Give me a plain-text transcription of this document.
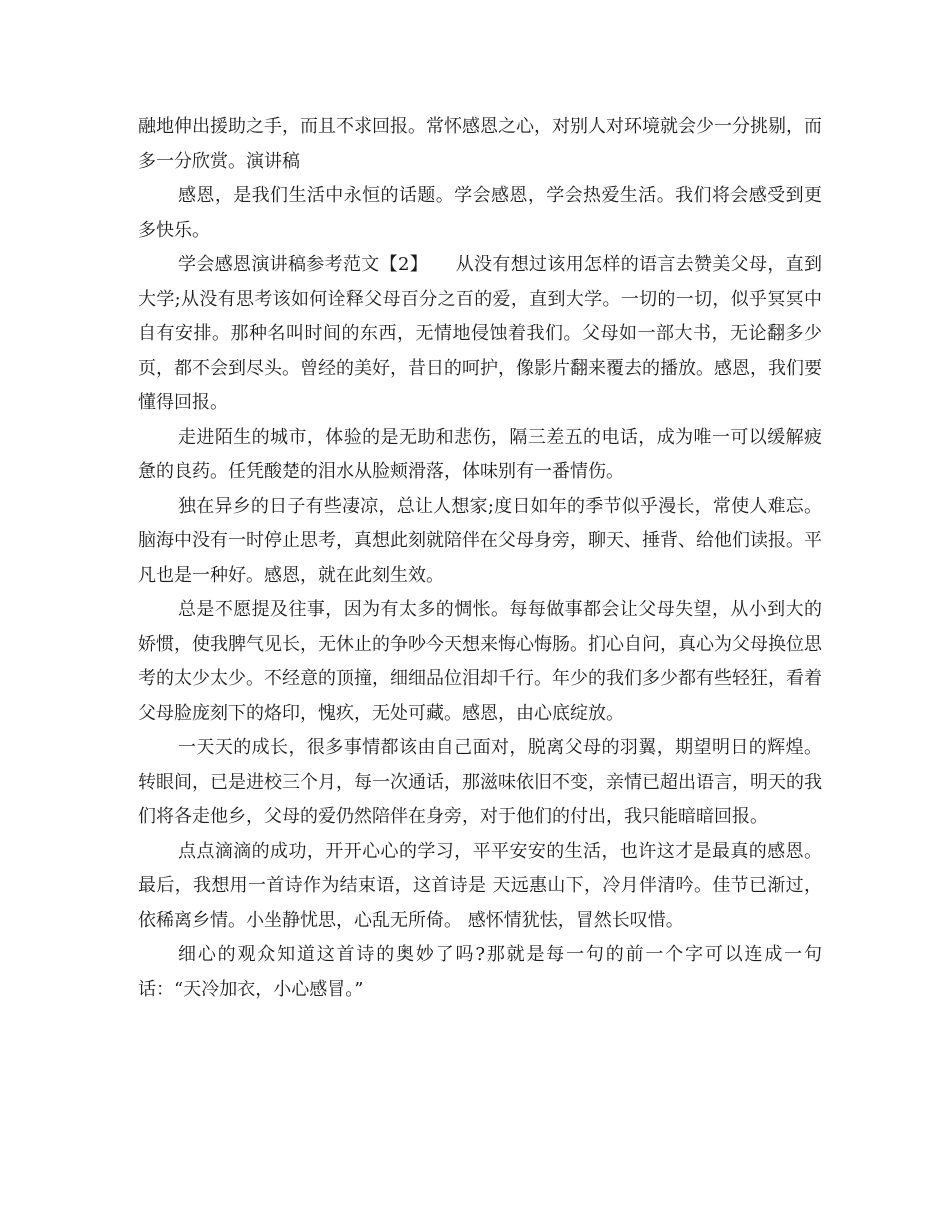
融地伸出援助之手，而且不求回报。常怀感恩之心，对别人对环境就会少一分挑剔，而多一分欣赏。演讲稿

感恩，是我们生活中永恒的话题。学会感恩，学会热爱生活。我们将会感受到更多快乐。

学会感恩演讲稿参考范文【2】　　从没有想过该用怎样的语言去赞美父母，直到大学;从没有思考该如何诠释父母百分之百的爱，直到大学。一切的一切，似乎冥冥中自有安排。那种名叫时间的东西，无情地侵蚀着我们。父母如一部大书，无论翻多少页，都不会到尽头。曾经的美好，昔日的呵护，像影片翻来覆去的播放。感恩，我们要懂得回报。

走进陌生的城市，体验的是无助和悲伤，隔三差五的电话，成为唯一可以缓解疲惫的良药。任凭酸楚的泪水从脸颊滑落，体味别有一番情伤。

独在异乡的日子有些凄凉，总让人想家;度日如年的季节似乎漫长，常使人难忘。脑海中没有一时停止思考，真想此刻就陪伴在父母身旁，聊天、捶背、给他们读报。平凡也是一种好。感恩，就在此刻生效。

总是不愿提及往事，因为有太多的惆怅。每每做事都会让父母失望，从小到大的娇惯，使我脾气见长，无休止的争吵今天想来悔心悔肠。扪心自问，真心为父母换位思考的太少太少。不经意的顶撞，细细品位泪却千行。年少的我们多少都有些轻狂，看着父母脸庞刻下的烙印，愧疚，无处可藏。感恩，由心底绽放。

一天天的成长，很多事情都该由自己面对，脱离父母的羽翼，期望明日的辉煌。转眼间，已是进校三个月，每一次通话，那滋味依旧不变，亲情已超出语言，明天的我们将各走他乡，父母的爱仍然陪伴在身旁，对于他们的付出，我只能暗暗回报。

点点滴滴的成功，开开心心的学习，平平安安的生活，也许这才是最真的感恩。最后，我想用一首诗作为结束语，这首诗是 天远惠山下，冷月伴清吟。佳节已渐过，依稀离乡情。小坐静忧思，心乱无所倚。 感怀情犹怯，冒然长叹惜。

细心的观众知道这首诗的奥妙了吗?那就是每一句的前一个字可以连成一句话：“天冷加衣，小心感冒。”
